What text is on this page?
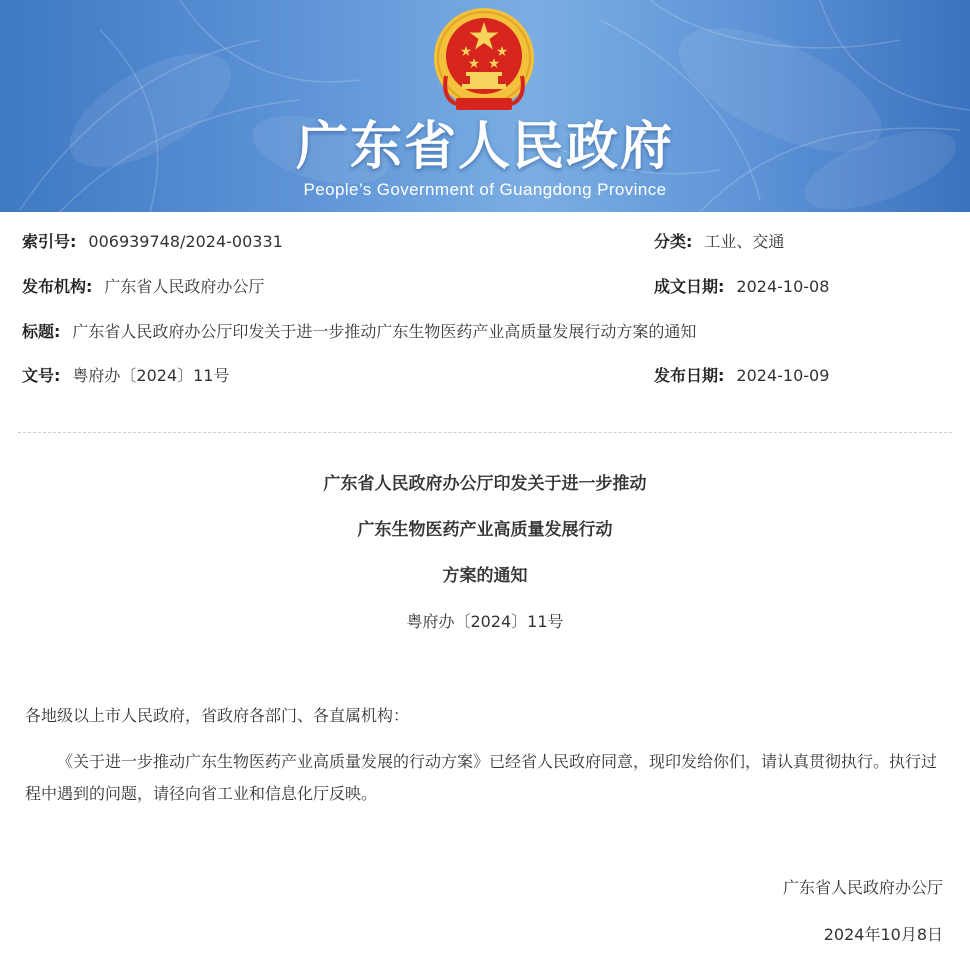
广东省人民政府
People’s Government of Guangdong Province
索引号: 006939748/2024-00331	分类: 工业、交通
发布机构: 广东省人民政府办公厅	成文日期: 2024-10-08
标题: 广东省人民政府办公厅印发关于进一步推动广东生物医药产业高质量发展行动方案的通知
文号: 粤府办〔2024〕11号	发布日期: 2024-10-09
广东省人民政府办公厅印发关于进一步推动
广东生物医药产业高质量发展行动
方案的通知
粤府办〔2024〕11号
各地级以上市人民政府，省政府各部门、各直属机构：
《关于进一步推动广东生物医药产业高质量发展的行动方案》已经省人民政府同意，现印发给你们，请认真贯彻执行。执行过程中遇到的问题，请径向省工业和信息化厅反映。
广东省人民政府办公厅
2024年10月8日
